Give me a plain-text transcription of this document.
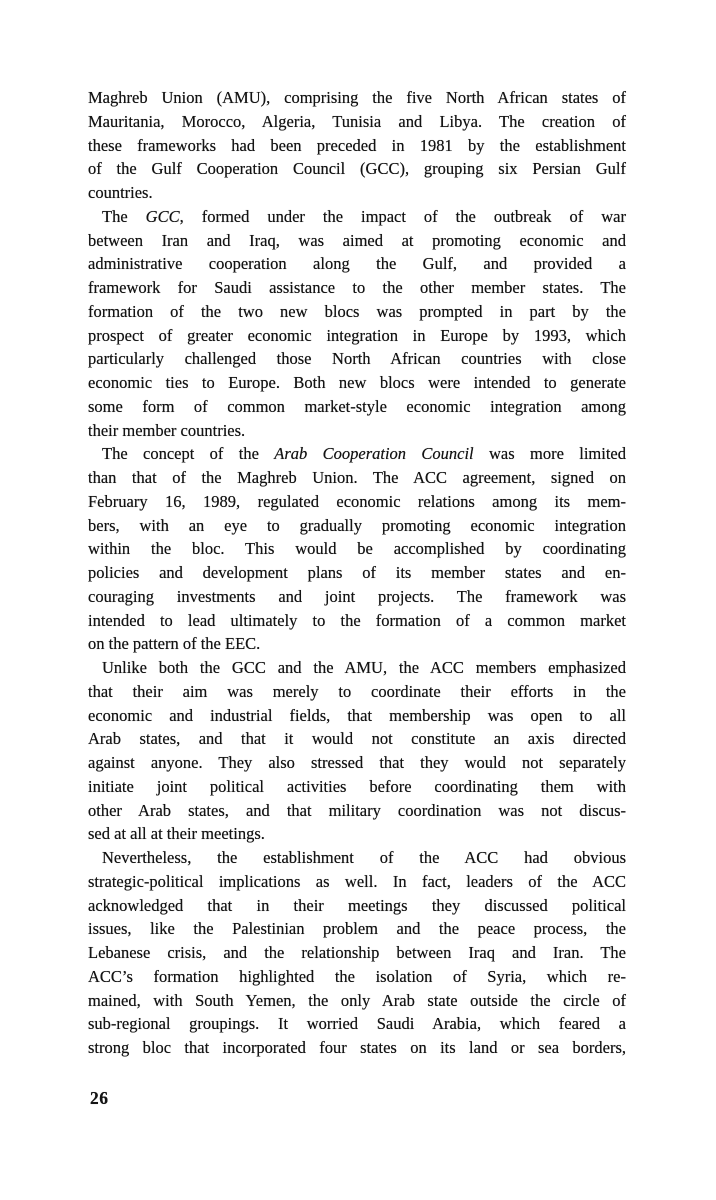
Maghreb Union (AMU), comprising the five North African states of
Mauritania, Morocco, Algeria, Tunisia and Libya. The creation of
these frameworks had been preceded in 1981 by the establishment
of the Gulf Cooperation Council (GCC), grouping six Persian Gulf
countries.
The GCC, formed under the impact of the outbreak of war
between Iran and Iraq, was aimed at promoting economic and
administrative cooperation along the Gulf, and provided a
framework for Saudi assistance to the other member states. The
formation of the two new blocs was prompted in part by the
prospect of greater economic integration in Europe by 1993, which
particularly challenged those North African countries with close
economic ties to Europe. Both new blocs were intended to generate
some form of common market-style economic integration among
their member countries.
The concept of the Arab Cooperation Council was more limited
than that of the Maghreb Union. The ACC agreement, signed on
February 16, 1989, regulated economic relations among its mem-
bers, with an eye to gradually promoting economic integration
within the bloc. This would be accomplished by coordinating
policies and development plans of its member states and en-
couraging investments and joint projects. The framework was
intended to lead ultimately to the formation of a common market
on the pattern of the EEC.
Unlike both the GCC and the AMU, the ACC members emphasized
that their aim was merely to coordinate their efforts in the
economic and industrial fields, that membership was open to all
Arab states, and that it would not constitute an axis directed
against anyone. They also stressed that they would not separately
initiate joint political activities before coordinating them with
other Arab states, and that military coordination was not discus-
sed at all at their meetings.
Nevertheless, the establishment of the ACC had obvious
strategic-political implications as well. In fact, leaders of the ACC
acknowledged that in their meetings they discussed political
issues, like the Palestinian problem and the peace process, the
Lebanese crisis, and the relationship between Iraq and Iran. The
ACC’s formation highlighted the isolation of Syria, which re-
mained, with South Yemen, the only Arab state outside the circle of
sub-regional groupings. It worried Saudi Arabia, which feared a
strong bloc that incorporated four states on its land or sea borders,
26
